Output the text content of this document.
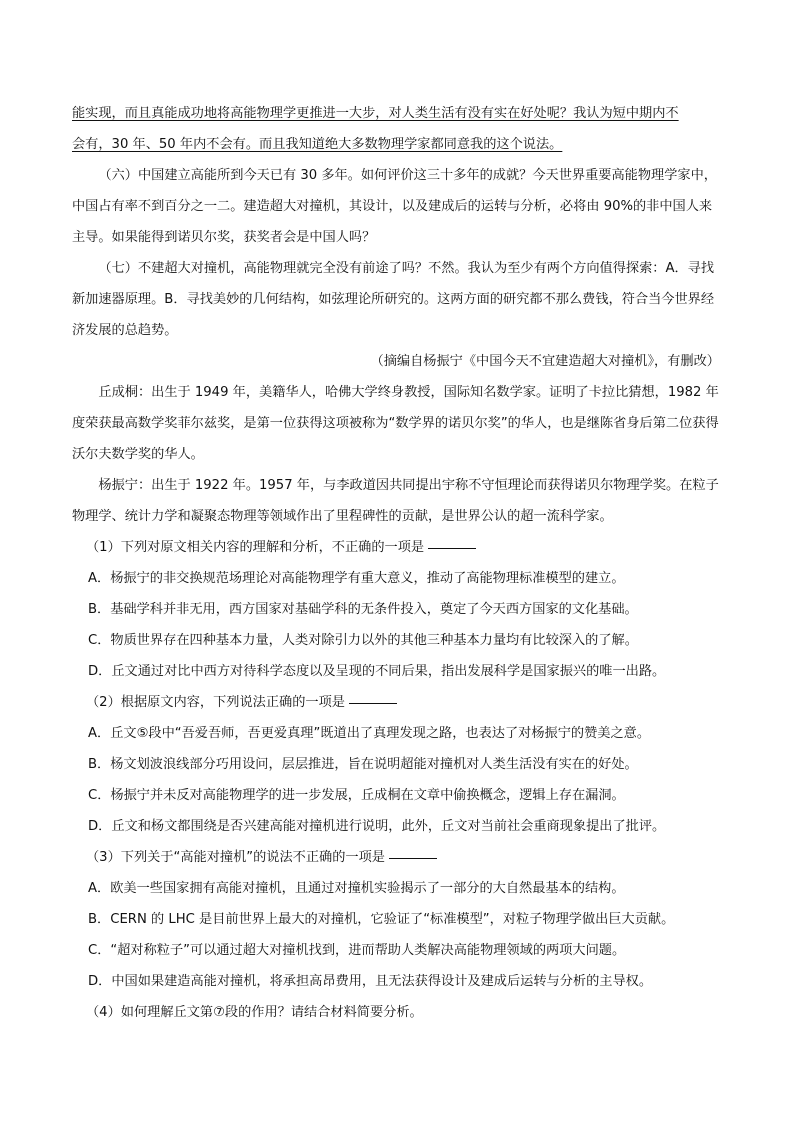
能实现，而且真能成功地将高能物理学更推进一大步，对人类生活有没有实在好处呢？我认为短中期内不

会有，30 年、50 年内不会有。而且我知道绝大多数物理学家都同意我的这个说法。

（六）中国建立高能所到今天已有 30 多年。如何评价这三十多年的成就？今天世界重要高能物理学家中，中国占有率不到百分之一二。建造超大对撞机，其设计，以及建成后的运转与分析，必将由 90%的非中国人来主导。如果能得到诺贝尔奖，获奖者会是中国人吗？

（七）不建超大对撞机，高能物理就完全没有前途了吗？不然。我认为至少有两个方向值得探索：A．寻找新加速器原理。B．寻找美妙的几何结构，如弦理论所研究的。这两方面的研究都不那么费钱，符合当今世界经济发展的总趋势。

（摘编自杨振宁《中国今天不宜建造超大对撞机》，有删改）

丘成桐：出生于 1949 年，美籍华人，哈佛大学终身教授，国际知名数学家。证明了卡拉比猜想，1982 年度荣获最高数学奖菲尔兹奖，是第一位获得这项被称为“数学界的诺贝尔奖”的华人，也是继陈省身后第二位获得沃尔夫数学奖的华人。

杨振宁：出生于 1922 年。1957 年，与李政道因共同提出宇称不守恒理论而获得诺贝尔物理学奖。在粒子物理学、统计力学和凝聚态物理等领域作出了里程碑性的贡献，是世界公认的超一流科学家。

（1）下列对原文相关内容的理解和分析，不正确的一项是

A．杨振宁的非交换规范场理论对高能物理学有重大意义，推动了高能物理标准模型的建立。

B．基础学科并非无用，西方国家对基础学科的无条件投入，奠定了今天西方国家的文化基础。

C．物质世界存在四种基本力量，人类对除引力以外的其他三种基本力量均有比较深入的了解。

D．丘文通过对比中西方对待科学态度以及呈现的不同后果，指出发展科学是国家振兴的唯一出路。

（2）根据原文内容，下列说法正确的一项是

A．丘文⑤段中“吾爱吾师，吾更爱真理”既道出了真理发现之路，也表达了对杨振宁的赞美之意。

B．杨文划波浪线部分巧用设问，层层推进，旨在说明超能对撞机对人类生活没有实在的好处。

C．杨振宁并未反对高能物理学的进一步发展，丘成桐在文章中偷换概念，逻辑上存在漏洞。

D．丘文和杨文都围绕是否兴建高能对撞机进行说明，此外，丘文对当前社会重商现象提出了批评。

（3）下列关于“高能对撞机”的说法不正确的一项是

A．欧美一些国家拥有高能对撞机，且通过对撞机实验揭示了一部分的大自然最基本的结构。

B．CERN 的 LHC 是目前世界上最大的对撞机，它验证了“标准模型”，对粒子物理学做出巨大贡献。

C．“超对称粒子”可以通过超大对撞机找到，进而帮助人类解决高能物理领域的两项大问题。

D．中国如果建造高能对撞机，将承担高昂费用，且无法获得设计及建成后运转与分析的主导权。

（4）如何理解丘文第⑦段的作用？请结合材料简要分析。
